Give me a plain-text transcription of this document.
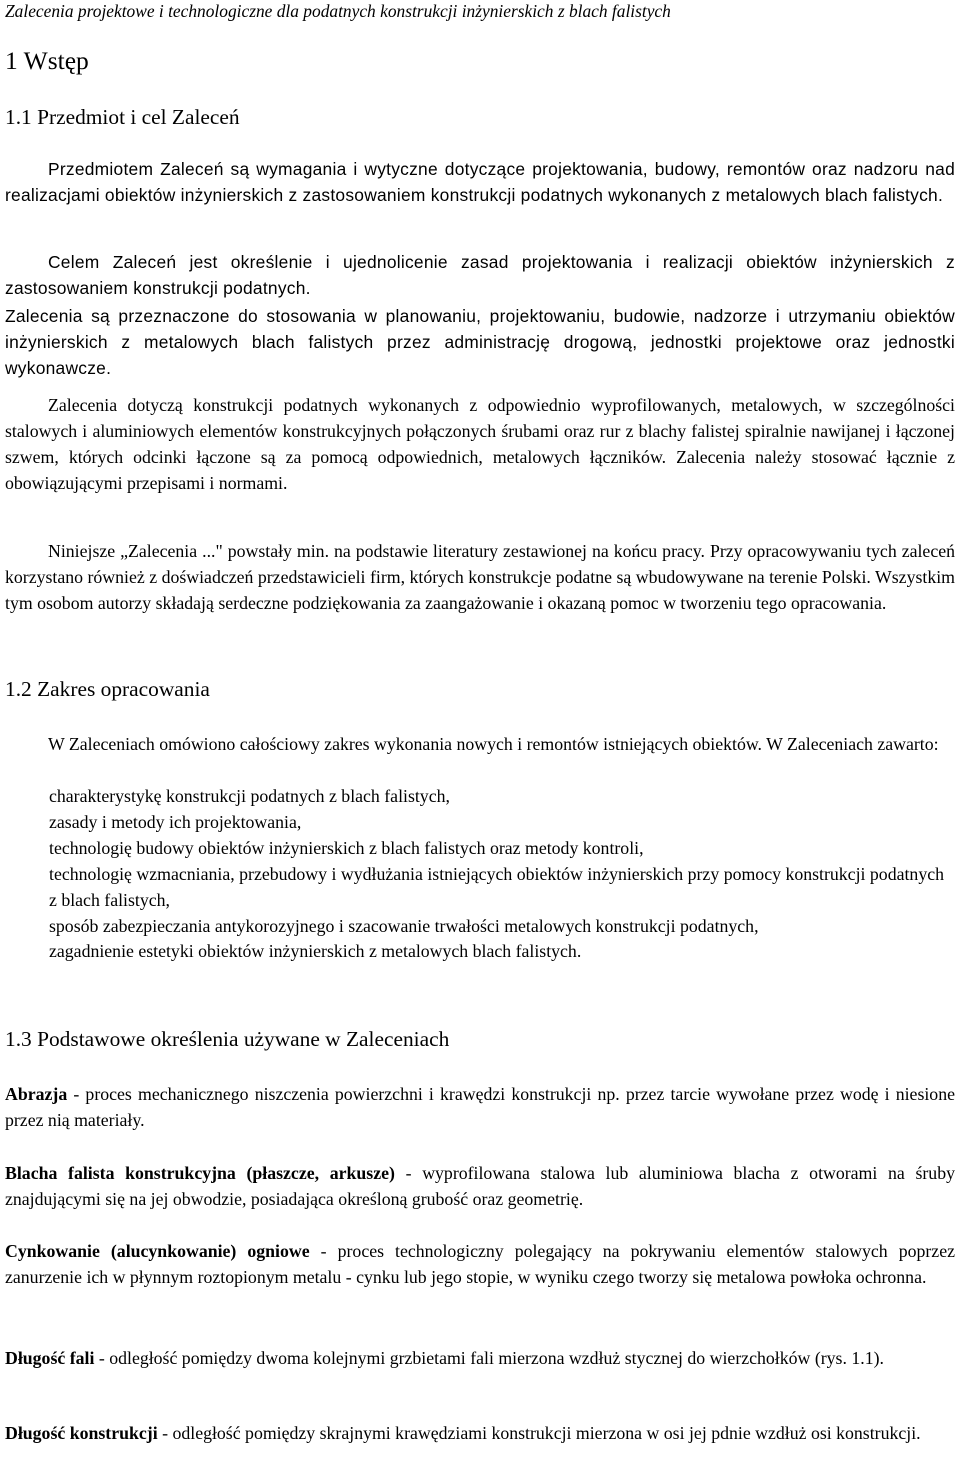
Zalecenia projektowe i technologiczne dla podatnych konstrukcji inżynierskich z blach falistych
1 Wstęp
1.1 Przedmiot i cel Zaleceń
Przedmiotem Zaleceń są wymagania i wytyczne dotyczące projektowania, budowy, remontów oraz nadzoru nad realizacjami obiektów inżynierskich z zastosowaniem konstrukcji podatnych wykonanych z metalowych blach falistych.
Celem Zaleceń jest określenie i ujednolicenie zasad projektowania i realizacji obiektów inżynierskich z zastosowaniem konstrukcji podatnych.
Zalecenia są przeznaczone do stosowania w planowaniu, projektowaniu, budowie, nadzorze i utrzymaniu obiektów inżynierskich z metalowych blach falistych przez administrację drogową, jednostki projektowe oraz jednostki wykonawcze.
Zalecenia dotyczą konstrukcji podatnych wykonanych z odpowiednio wyprofilowanych, metalowych, w szczególności stalowych i aluminiowych elementów konstrukcyjnych połączonych śrubami oraz rur z blachy falistej spiralnie nawijanej i łączonej szwem, których odcinki łączone są za pomocą odpowiednich, metalowych łączników. Zalecenia należy stosować łącznie z obowiązującymi przepisami i normami.
Niniejsze „Zalecenia ..." powstały min. na podstawie literatury zestawionej na końcu pracy. Przy opracowywaniu tych zaleceń korzystano również z doświadczeń przedstawicieli firm, których konstrukcje podatne są wbudowywane na terenie Polski. Wszystkim tym osobom autorzy składają serdeczne podziękowania za zaangażowanie i okazaną pomoc w tworzeniu tego opracowania.
1.2 Zakres opracowania
W Zaleceniach omówiono całościowy zakres wykonania nowych i remontów istniejących obiektów. W Zaleceniach zawarto:
charakterystykę konstrukcji podatnych z blach falistych,
zasady i metody ich projektowania,
technologię budowy obiektów inżynierskich z blach falistych oraz metody kontroli,
technologię wzmacniania, przebudowy i wydłużania istniejących obiektów inżynierskich przy pomocy konstrukcji podatnych z blach falistych,
sposób zabezpieczania antykorozyjnego i szacowanie trwałości metalowych konstrukcji podatnych,
zagadnienie estetyki obiektów inżynierskich z metalowych blach falistych.
1.3 Podstawowe określenia używane w Zaleceniach
Abrazja - proces mechanicznego niszczenia powierzchni i krawędzi konstrukcji np. przez tarcie wywołane przez wodę i niesione przez nią materiały.
Blacha falista konstrukcyjna (płaszcze, arkusze) - wyprofilowana stalowa lub aluminiowa blacha z otworami na śruby znajdującymi się na jej obwodzie, posiadająca określoną grubość oraz geometrię.
Cynkowanie (alucynkowanie) ogniowe - proces technologiczny polegający na pokrywaniu elementów stalowych poprzez zanurzenie ich w płynnym roztopionym metalu - cynku lub jego stopie, w wyniku czego tworzy się metalowa powłoka ochronna.
Długość fali - odległość pomiędzy dwoma kolejnymi grzbietami fali mierzona wzdłuż stycznej do wierzchołków (rys. 1.1).
Długość konstrukcji - odległość pomiędzy skrajnymi krawędziami konstrukcji mierzona w osi jej pdnie wzdłuż osi konstrukcji.
